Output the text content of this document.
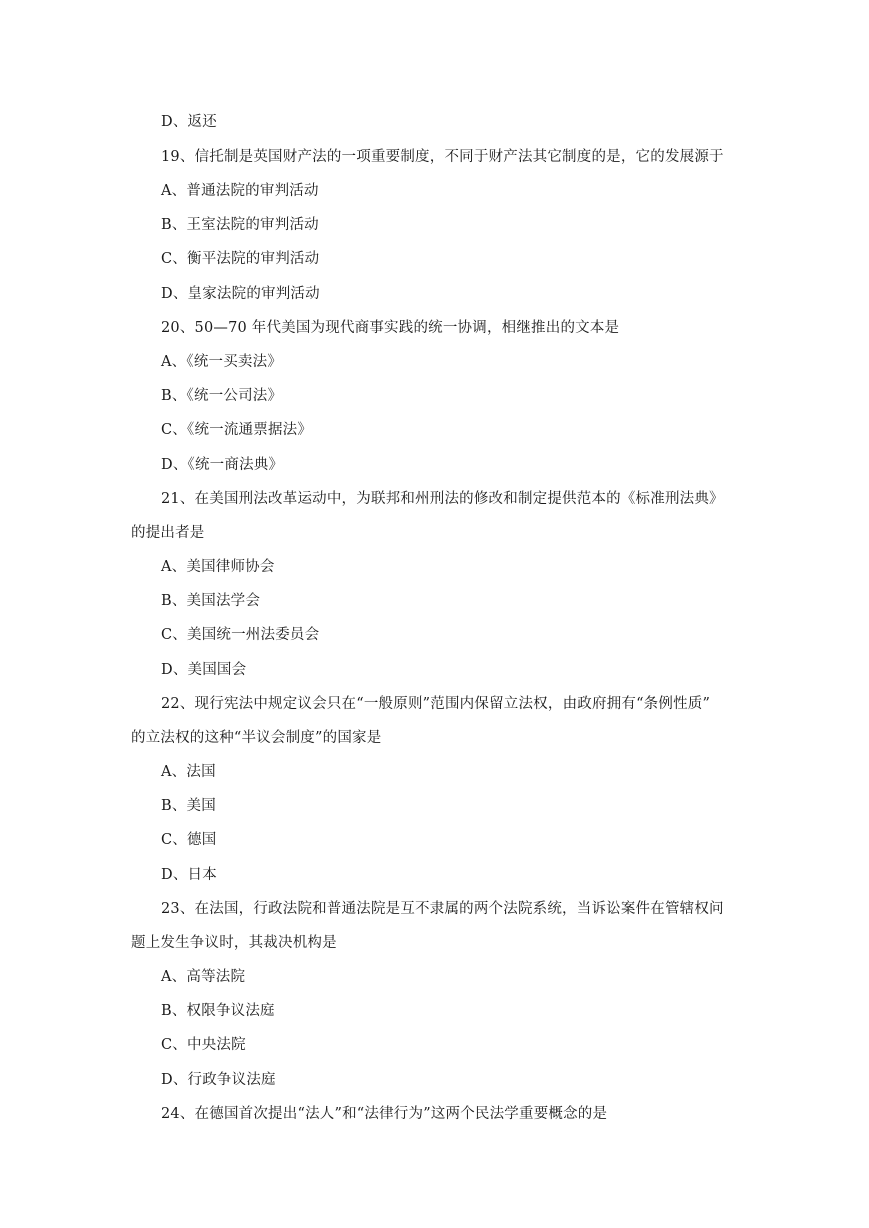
D、返还
19、信托制是英国财产法的一项重要制度，不同于财产法其它制度的是，它的发展源于
A、普通法院的审判活动
B、王室法院的审判活动
C、衡平法院的审判活动
D、皇家法院的审判活动
20、50—70 年代美国为现代商事实践的统一协调，相继推出的文本是
A、《统一买卖法》
B、《统一公司法》
C、《统一流通票据法》
D、《统一商法典》
21、在美国刑法改革运动中，为联邦和州刑法的修改和制定提供范本的《标准刑法典》
的提出者是
A、美国律师协会
B、美国法学会
C、美国统一州法委员会
D、美国国会
22、现行宪法中规定议会只在“一般原则”范围内保留立法权，由政府拥有“条例性质”
的立法权的这种“半议会制度”的国家是
A、法国
B、美国
C、德国
D、日本
23、在法国，行政法院和普通法院是互不隶属的两个法院系统，当诉讼案件在管辖权问
题上发生争议时，其裁决机构是
A、高等法院
B、权限争议法庭
C、中央法院
D、行政争议法庭
24、在德国首次提出“法人”和“法律行为”这两个民法学重要概念的是
